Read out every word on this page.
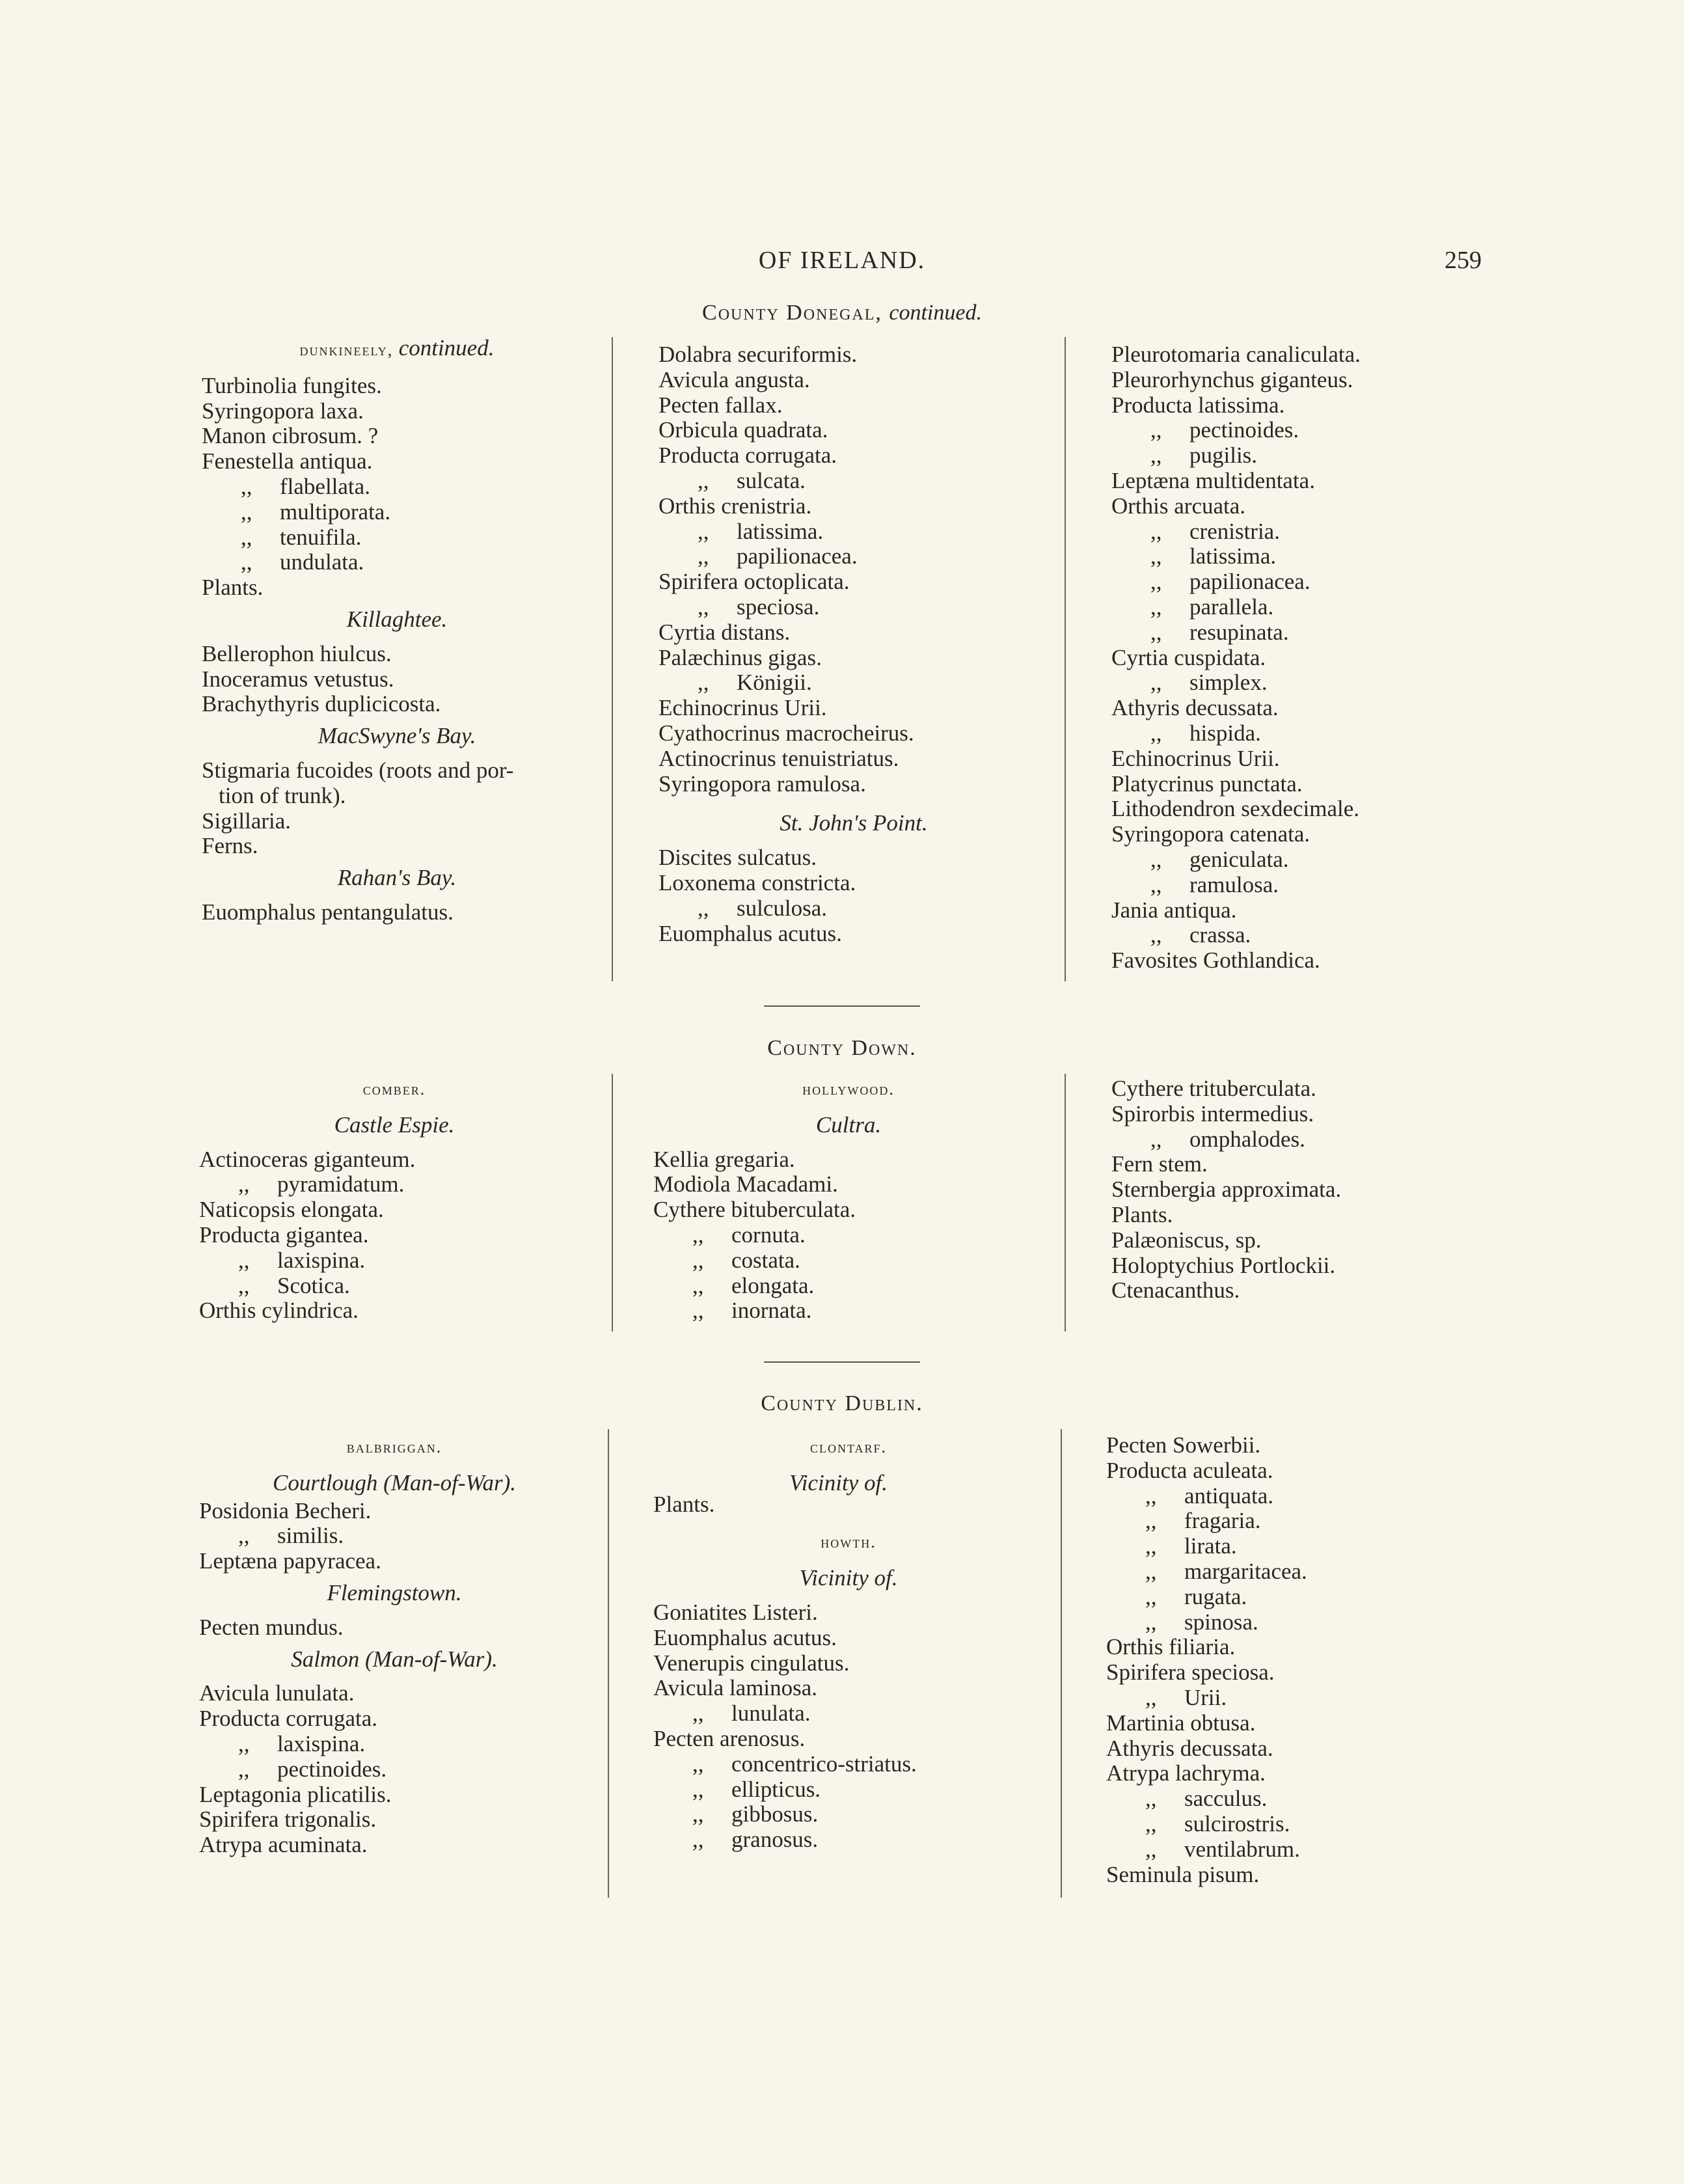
OF IRELAND.	259
County Donegal, continued.
dunkineely, continued.
Turbinolia fungites.
Syringopora laxa.
Manon cibrosum. ?
Fenestella antiqua.
,, flabellata.
,, multiporata.
,, tenuifila.
,, undulata.
Plants.
Killaghtee.
Bellerophon hiulcus.
Inoceramus vetustus.
Brachythyris duplicicosta.
MacSwyne's Bay.
Stigmaria fucoides (roots and por-
tion of trunk).
Sigillaria.
Ferns.
Rahan's Bay.
Euomphalus pentangulatus.
Dolabra securiformis.
Avicula angusta.
Pecten fallax.
Orbicula quadrata.
Producta corrugata.
,, sulcata.
Orthis crenistria.
,, latissima.
,, papilionacea.
Spirifera octoplicata.
,, speciosa.
Cyrtia distans.
Palæchinus gigas.
,, Königii.
Echinocrinus Urii.
Cyathocrinus macrocheirus.
Actinocrinus tenuistriatus.
Syringopora ramulosa.
St. John's Point.
Discites sulcatus.
Loxonema constricta.
,, sulculosa.
Euomphalus acutus.
Pleurotomaria canaliculata.
Pleurorhynchus giganteus.
Producta latissima.
,, pectinoides.
,, pugilis.
Leptæna multidentata.
Orthis arcuata.
,, crenistria.
,, latissima.
,, papilionacea.
,, parallela.
,, resupinata.
Cyrtia cuspidata.
,, simplex.
Athyris decussata.
,, hispida.
Echinocrinus Urii.
Platycrinus punctata.
Lithodendron sexdecimale.
Syringopora catenata.
,, geniculata.
,, ramulosa.
Jania antiqua.
,, crassa.
Favosites Gothlandica.
County Down.
comber.
Castle Espie.
Actinoceras giganteum.
,, pyramidatum.
Naticopsis elongata.
Producta gigantea.
,, laxispina.
,, Scotica.
Orthis cylindrica.
hollywood.
Cultra.
Kellia gregaria.
Modiola Macadami.
Cythere bituberculata.
,, cornuta.
,, costata.
,, elongata.
,, inornata.
Cythere trituberculata.
Spirorbis intermedius.
,, omphalodes.
Fern stem.
Sternbergia approximata.
Plants.
Palæoniscus, sp.
Holoptychius Portlockii.
Ctenacanthus.
County Dublin.
balbriggan.
Courtlough (Man-of-War).
Posidonia Becheri.
,, similis.
Leptæna papyracea.
Flemingstown.
Pecten mundus.
Salmon (Man-of-War).
Avicula lunulata.
Producta corrugata.
,, laxispina.
,, pectinoides.
Leptagonia plicatilis.
Spirifera trigonalis.
Atrypa acuminata.
clontarf.
Vicinity of.
Plants.
howth.
Vicinity of.
Goniatites Listeri.
Euomphalus acutus.
Venerupis cingulatus.
Avicula laminosa.
,, lunulata.
Pecten arenosus.
,, concentrico-striatus.
,, ellipticus.
,, gibbosus.
,, granosus.
Pecten Sowerbii.
Producta aculeata.
,, antiquata.
,, fragaria.
,, lirata.
,, margaritacea.
,, rugata.
,, spinosa.
Orthis filiaria.
Spirifera speciosa.
,, Urii.
Martinia obtusa.
Athyris decussata.
Atrypa lachryma.
,, sacculus.
,, sulcirostris.
,, ventilabrum.
Seminula pisum.
